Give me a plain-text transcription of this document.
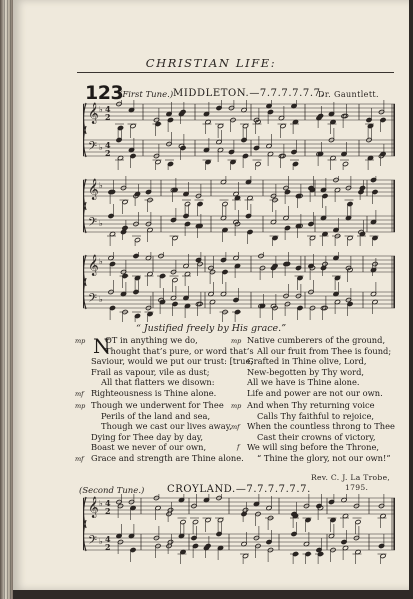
CHRISTIAN LIFE:
123
(First Tune.) MIDDLETON.—7.7.7.7.7.7.
Dr. Gauntlett.
𝄞
𝄢
♭
♭
4
2
4
2
𝄞
𝄢
♭
♭
𝄞
𝄢
♭
♭
“ Justified freely by His grace.”
N
mp OT in anything we do,
Thought that’s pure, or word that’s
Saviour, would we put our trust: [true,
Frail as vapour, vile as dust;
All that flatters we disown:
mf Righteousness is Thine alone.
mp Though we underwent for Thee
Perils of the land and sea,
Though we cast our lives away,
Dying for Thee day by day,
Boast we never of our own,
mf Grace and strength are Thine alone.
mp Native cumberers of the ground,
All our fruit from Thee is found;
Grafted in Thine olive, Lord,
New-begotten by Thy word,
All we have is Thine alone.
Life and power are not our own.
mp And when Thy returning voice
Calls Thy faithful to rejoice,
mf When the countless throng to Thee
Cast their crowns of victory,
f We will sing before the Throne,
“ Thine the glory, not our own!”
Rev. C. J. La Trobe,
1795.
(Second Tune.) CROYLAND.—7.7.7.7.7.7.
𝄞
𝄢
♭
♭
4
2
4
2
